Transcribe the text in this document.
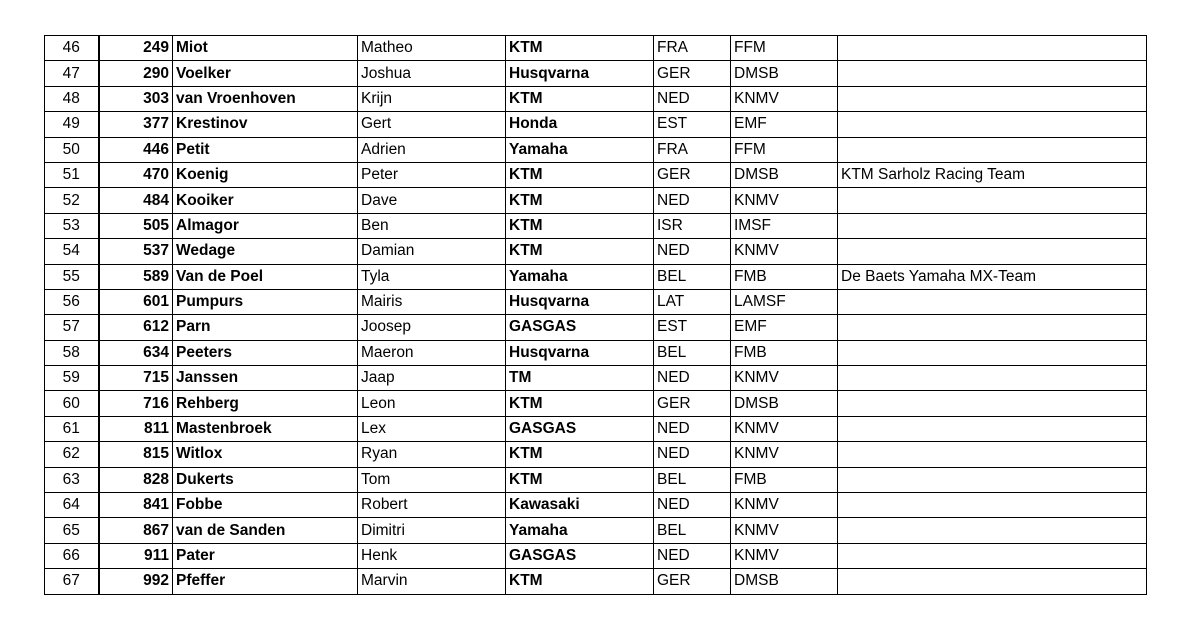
46	249	Miot	Matheo	KTM	FRA	FFM	
47	290	Voelker	Joshua	Husqvarna	GER	DMSB	
48	303	van Vroenhoven	Krijn	KTM	NED	KNMV	
49	377	Krestinov	Gert	Honda	EST	EMF	
50	446	Petit	Adrien	Yamaha	FRA	FFM	
51	470	Koenig	Peter	KTM	GER	DMSB	KTM Sarholz Racing Team
52	484	Kooiker	Dave	KTM	NED	KNMV	
53	505	Almagor	Ben	KTM	ISR	IMSF	
54	537	Wedage	Damian	KTM	NED	KNMV	
55	589	Van de Poel	Tyla	Yamaha	BEL	FMB	De Baets Yamaha MX-Team
56	601	Pumpurs	Mairis	Husqvarna	LAT	LAMSF	
57	612	Parn	Joosep	GASGAS	EST	EMF	
58	634	Peeters	Maeron	Husqvarna	BEL	FMB	
59	715	Janssen	Jaap	TM	NED	KNMV	
60	716	Rehberg	Leon	KTM	GER	DMSB	
61	811	Mastenbroek	Lex	GASGAS	NED	KNMV	
62	815	Witlox	Ryan	KTM	NED	KNMV	
63	828	Dukerts	Tom	KTM	BEL	FMB	
64	841	Fobbe	Robert	Kawasaki	NED	KNMV	
65	867	van de Sanden	Dimitri	Yamaha	BEL	KNMV	
66	911	Pater	Henk	GASGAS	NED	KNMV	
67	992	Pfeffer	Marvin	KTM	GER	DMSB	
